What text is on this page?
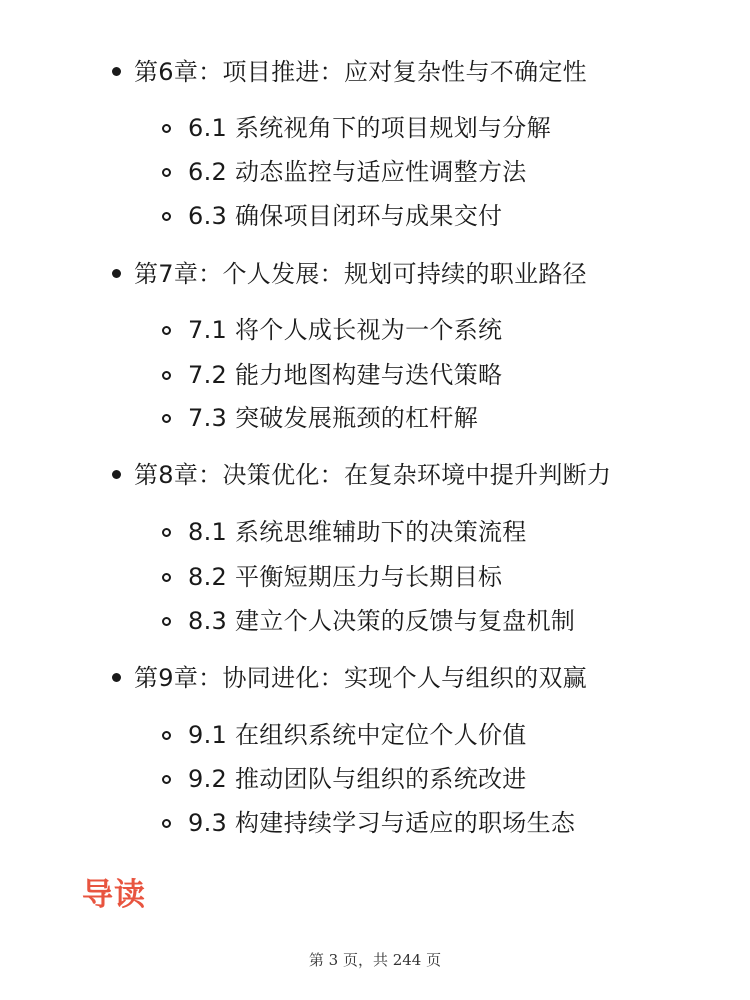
第6章：项目推进：应对复杂性与不确定性
6.1 系统视角下的项目规划与分解
6.2 动态监控与适应性调整方法
6.3 确保项目闭环与成果交付
第7章：个人发展：规划可持续的职业路径
7.1 将个人成长视为一个系统
7.2 能力地图构建与迭代策略
7.3 突破发展瓶颈的杠杆解
第8章：决策优化：在复杂环境中提升判断力
8.1 系统思维辅助下的决策流程
8.2 平衡短期压力与长期目标
8.3 建立个人决策的反馈与复盘机制
第9章：协同进化：实现个人与组织的双赢
9.1 在组织系统中定位个人价值
9.2 推动团队与组织的系统改进
9.3 构建持续学习与适应的职场生态
导读
第 3 页，共 244 页
